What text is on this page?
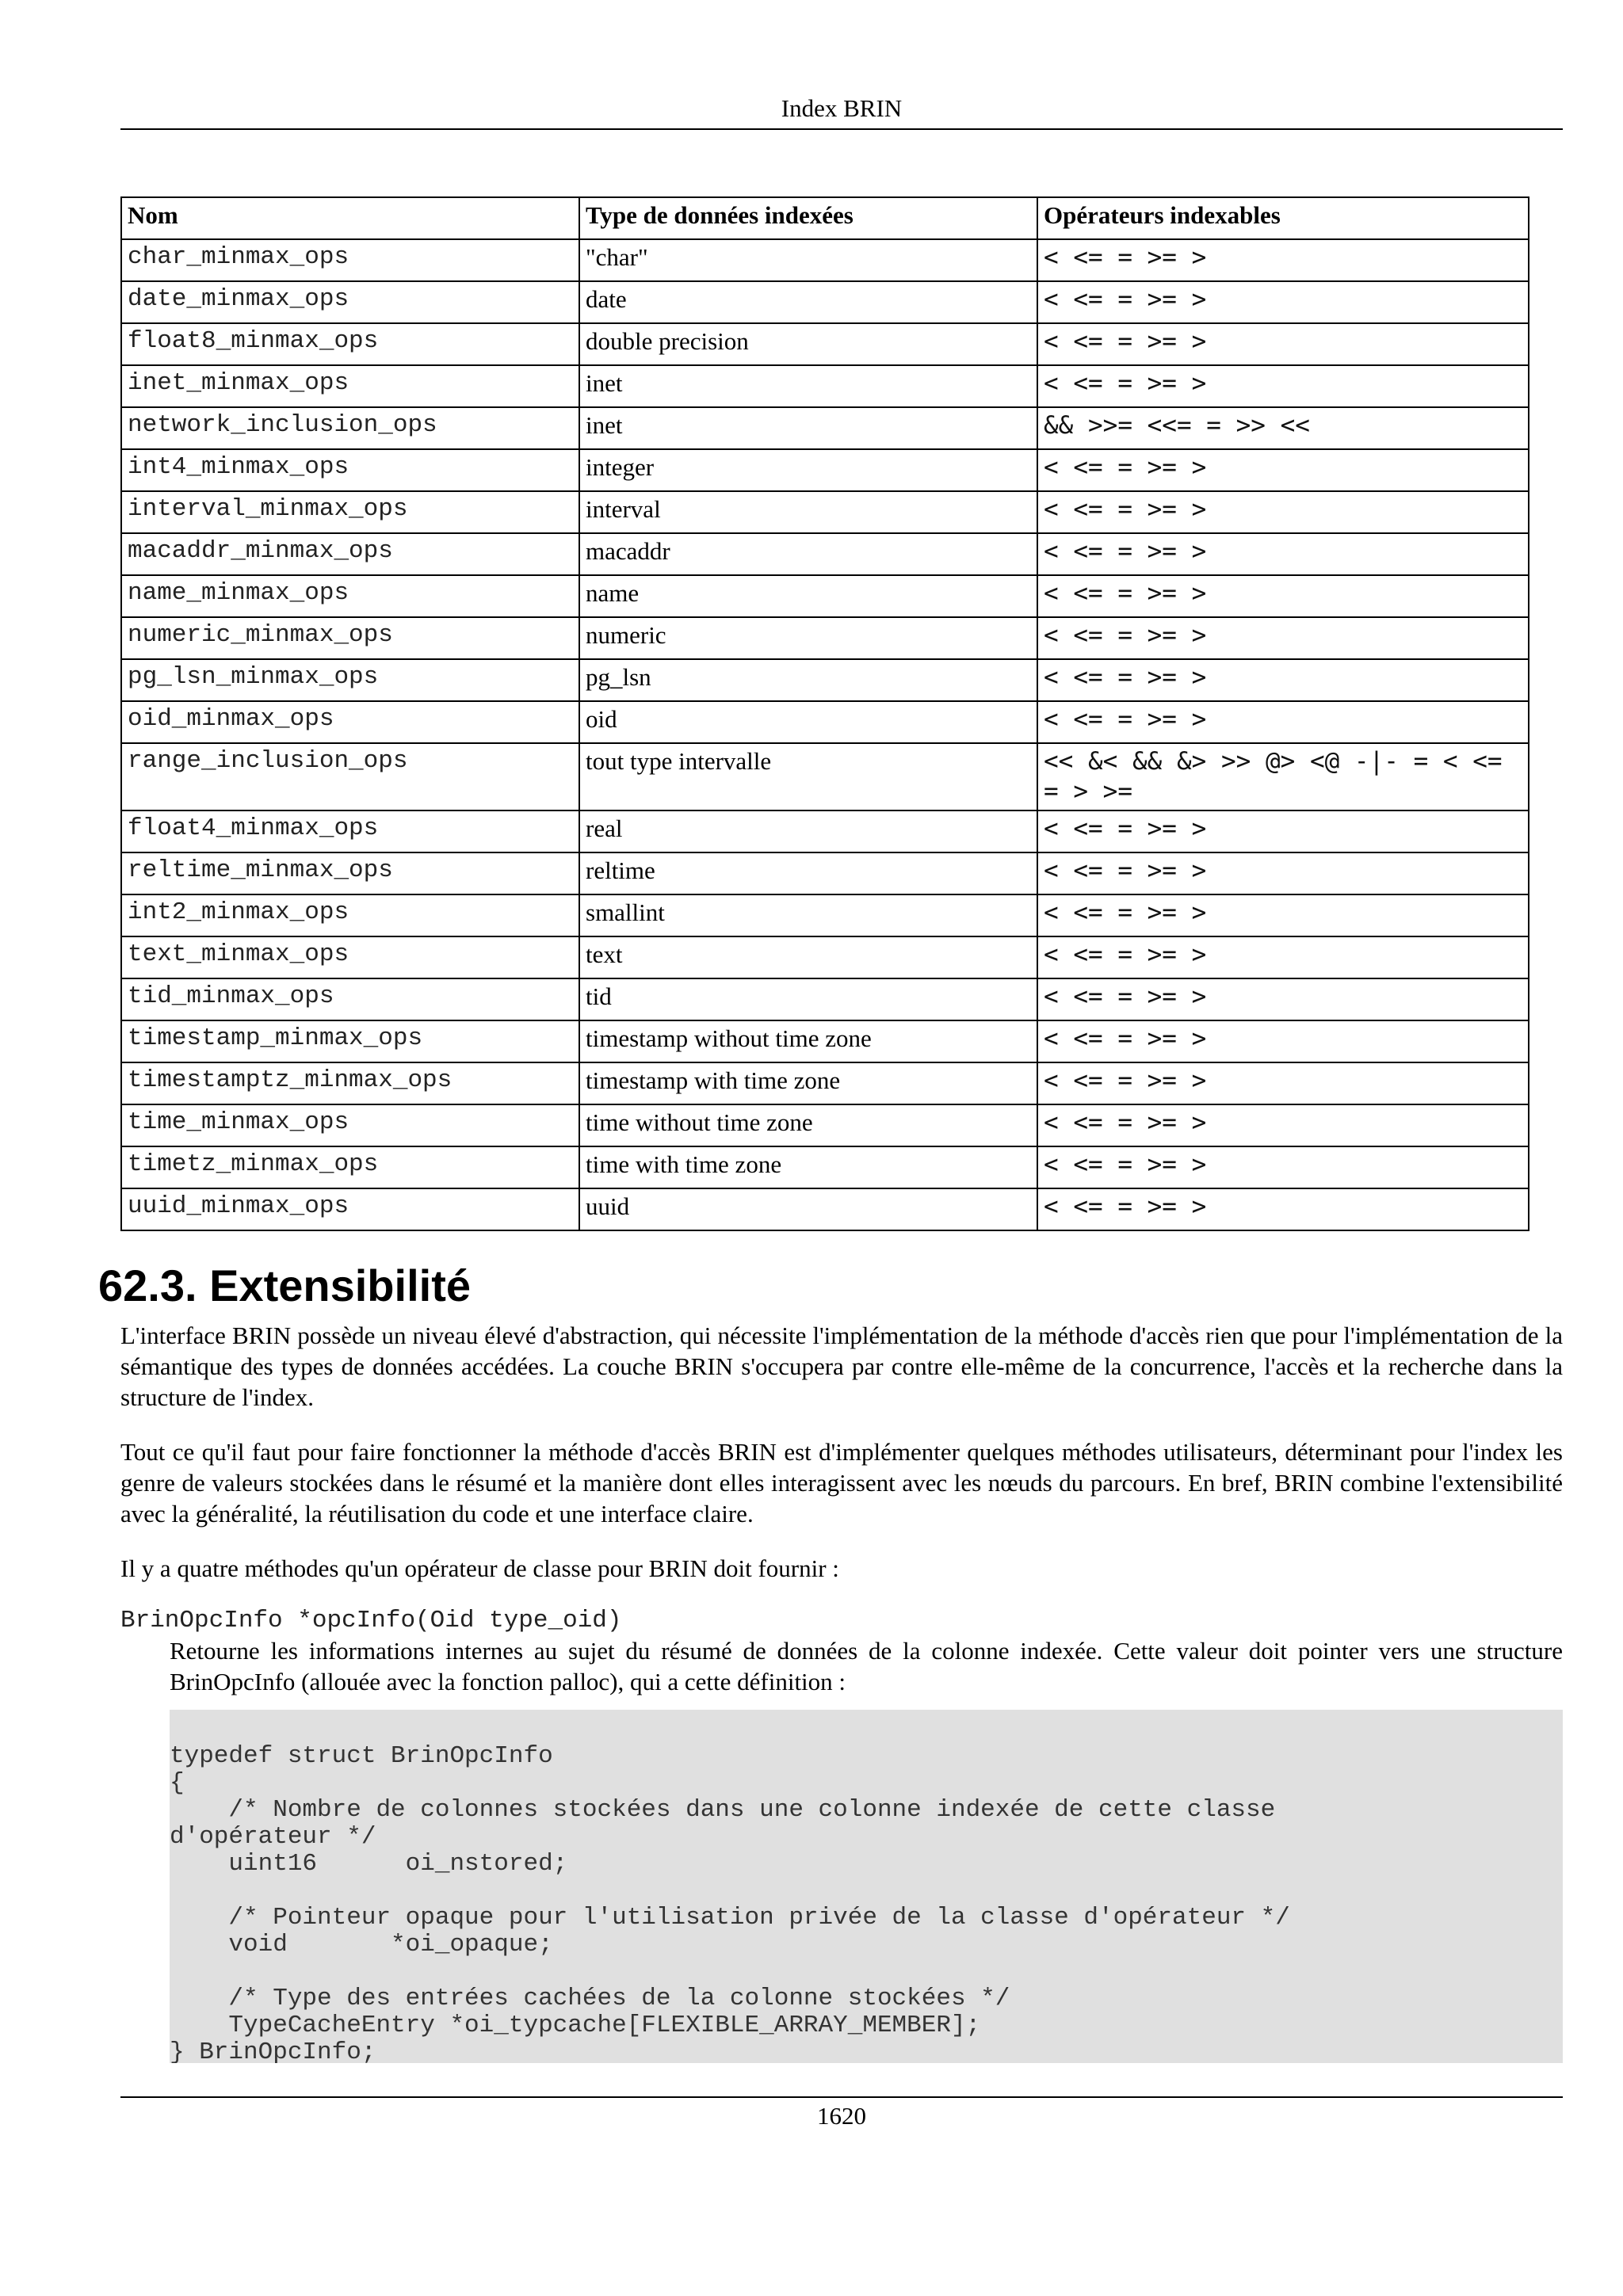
Index BRIN
Nom	Type de données indexées	Opérateurs indexables
char_minmax_ops	"char"	< <= = >= >
date_minmax_ops	date	< <= = >= >
float8_minmax_ops	double precision	< <= = >= >
inet_minmax_ops	inet	< <= = >= >
network_inclusion_ops	inet	&& >>= <<= = >> <<
int4_minmax_ops	integer	< <= = >= >
interval_minmax_ops	interval	< <= = >= >
macaddr_minmax_ops	macaddr	< <= = >= >
name_minmax_ops	name	< <= = >= >
numeric_minmax_ops	numeric	< <= = >= >
pg_lsn_minmax_ops	pg_lsn	< <= = >= >
oid_minmax_ops	oid	< <= = >= >
range_inclusion_ops	tout type intervalle	<< &< && &> >> @> <@ -|- = < <= = > >=
float4_minmax_ops	real	< <= = >= >
reltime_minmax_ops	reltime	< <= = >= >
int2_minmax_ops	smallint	< <= = >= >
text_minmax_ops	text	< <= = >= >
tid_minmax_ops	tid	< <= = >= >
timestamp_minmax_ops	timestamp without time zone	< <= = >= >
timestamptz_minmax_ops	timestamp with time zone	< <= = >= >
time_minmax_ops	time without time zone	< <= = >= >
timetz_minmax_ops	time with time zone	< <= = >= >
uuid_minmax_ops	uuid	< <= = >= >
62.3. Extensibilité

L'interface BRIN possède un niveau élevé d'abstraction, qui nécessite l'implémentation de la méthode d'accès rien que pour l'implémentation de la sémantique des types de données accédées. La couche BRIN s'occupera par contre elle-même de la concurrence, l'accès et la recherche dans la structure de l'index.

Tout ce qu'il faut pour faire fonctionner la méthode d'accès BRIN est d'implémenter quelques méthodes utilisateurs, déterminant pour l'index les genre de valeurs stockées dans le résumé et la manière dont elles interagissent avec les nœuds du parcours. En bref, BRIN combine l'extensibilité avec la généralité, la réutilisation du code et une interface claire.

Il y a quatre méthodes qu'un opérateur de classe pour BRIN doit fournir :

BrinOpcInfo *opcInfo(Oid type_oid)

Retourne les informations internes au sujet du résumé de données de la colonne indexée. Cette valeur doit pointer vers une structure BrinOpcInfo (allouée avec la fonction palloc), qui a cette définition :

typedef struct BrinOpcInfo
{
/* Nombre de colonnes stockées dans une colonne indexée de cette classe
d'opérateur */
uint16      oi_nstored;

/* Pointeur opaque pour l'utilisation privée de la classe d'opérateur */
void       *oi_opaque;

/* Type des entrées cachées de la colonne stockées */
TypeCacheEntry *oi_typcache[FLEXIBLE_ARRAY_MEMBER];
} BrinOpcInfo;
1620
